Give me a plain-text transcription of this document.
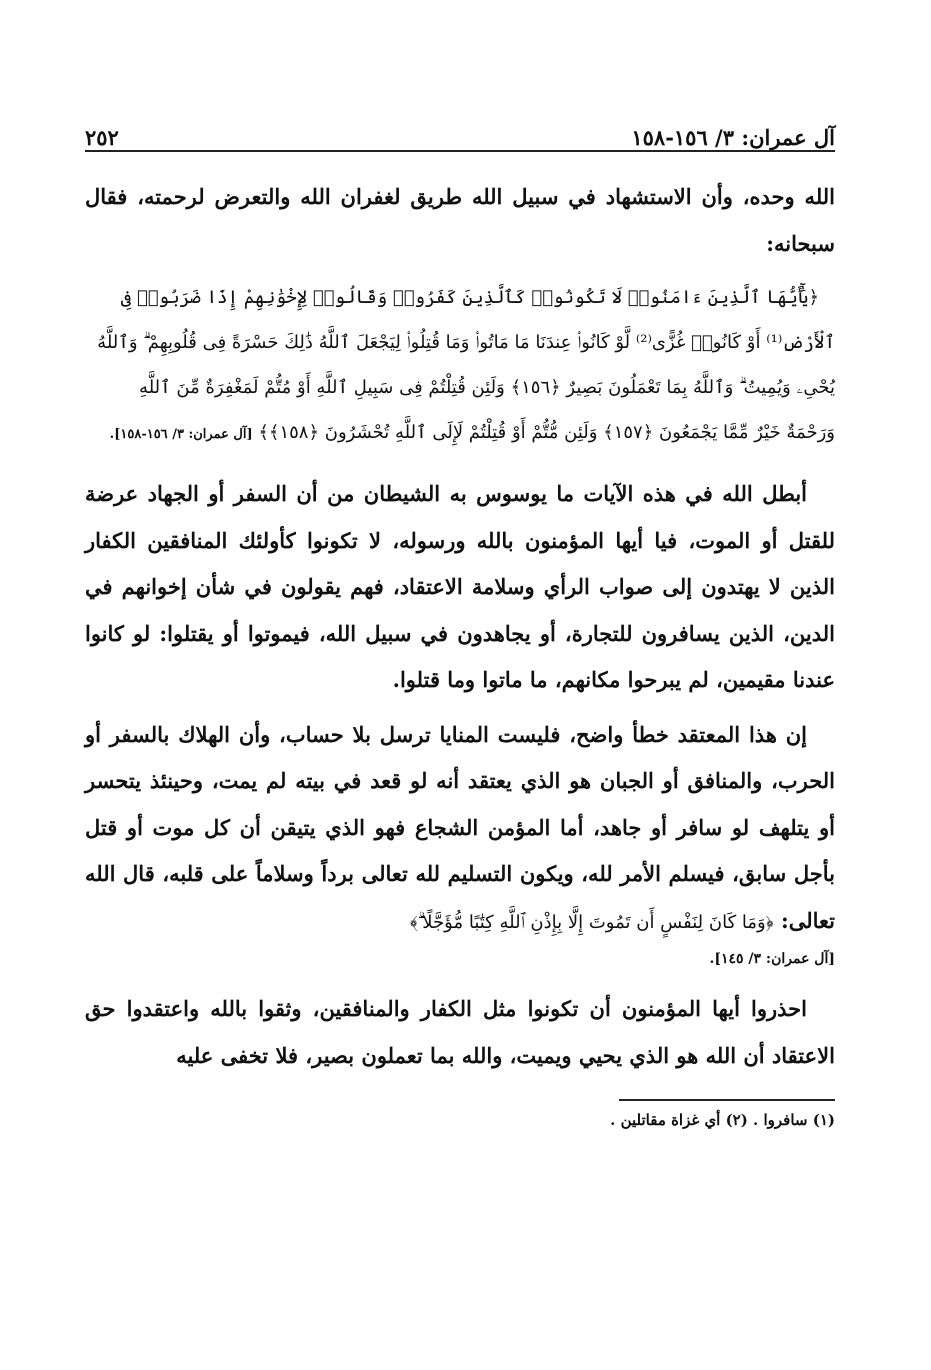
آل عمران: ٣/ ١٥٦-١٥٨
٢٥٢

الله وحده، وأن الاستشهاد في سبيل الله طريق لغفران الله والتعرض لرحمته، فقال سبحانه:

﴿يَٰٓأَيُّهَا ٱلَّذِينَ ءَامَنُوا۟ لَا تَكُونُوا۟ كَٱلَّذِينَ كَفَرُوا۟ وَقَالُوا۟ لِإِخْوَٰنِهِمْ إِذَا ضَرَبُوا۟ فِى ٱلْأَرْضِ⁽¹⁾ أَوْ كَانُوا۟ غُزًّى⁽²⁾ لَّوْ كَانُوا۟ عِندَنَا مَا مَاتُوا۟ وَمَا قُتِلُوا۟ لِيَجْعَلَ ٱللَّهُ ذَٰلِكَ حَسْرَةً فِى قُلُوبِهِمْ ۗ وَٱللَّهُ يُحْىِۦ وَيُمِيتُ ۗ وَٱللَّهُ بِمَا تَعْمَلُونَ بَصِيرٌ ﴿١٥٦﴾ وَلَئِن قُتِلْتُمْ فِى سَبِيلِ ٱللَّهِ أَوْ مُتُّمْ لَمَغْفِرَةٌ مِّنَ ٱللَّهِ وَرَحْمَةٌ خَيْرٌ مِّمَّا يَجْمَعُونَ ﴿١٥٧﴾ وَلَئِن مُّتُّمْ أَوْ قُتِلْتُمْ لَإِلَى ٱللَّهِ تُحْشَرُونَ ﴿١٥٨﴾﴾ [آل عمران: ٣/ ١٥٦-١٥٨].

أبطل الله في هذه الآيات ما يوسوس به الشيطان من أن السفر أو الجهاد عرضة للقتل أو الموت، فيا أيها المؤمنون بالله ورسوله، لا تكونوا كأولئك المنافقين الكفار الذين لا يهتدون إلى صواب الرأي وسلامة الاعتقاد، فهم يقولون في شأن إخوانهم في الدين، الذين يسافرون للتجارة، أو يجاهدون في سبيل الله، فيموتوا أو يقتلوا: لو كانوا عندنا مقيمين، لم يبرحوا مكانهم، ما ماتوا وما قتلوا.

إن هذا المعتقد خطأ واضح، فليست المنايا ترسل بلا حساب، وأن الهلاك بالسفر أو الحرب، والمنافق أو الجبان هو الذي يعتقد أنه لو قعد في بيته لم يمت، وحينئذ يتحسر أو يتلهف لو سافر أو جاهد، أما المؤمن الشجاع فهو الذي يتيقن أن كل موت أو قتل بأجل سابق، فيسلم الأمر لله، ويكون التسليم لله تعالى برداً وسلاماً على قلبه، قال الله تعالى: ﴿وَمَا كَانَ لِنَفْسٍ أَن تَمُوتَ إِلَّا بِإِذْنِ ٱللَّهِ كِتَٰبًا مُّؤَجَّلًا ۗ﴾

[آل عمران: ٣/ ١٤٥].

احذروا أيها المؤمنون أن تكونوا مثل الكفار والمنافقين، وثقوا بالله واعتقدوا حق الاعتقاد أن الله هو الذي يحيي ويميت، والله بما تعملون بصير، فلا تخفى عليه

(١) سافروا . (٢) أي غزاة مقاتلين .
